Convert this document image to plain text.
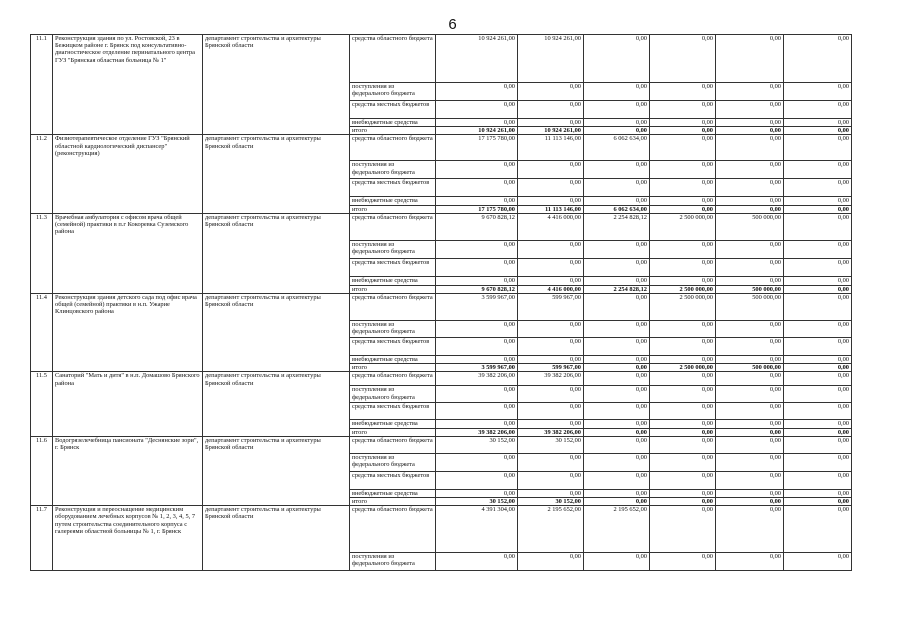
6
11.1	Реконструкция здания по ул. Ростовской, 23 в Бежицком районе г. Брянск под консультативно-диагностическое отделение перинатального центра ГУЗ "Брянская областная больница № 1"	департамент строительства и архитектуры Брянской области	средства областного бюджета	10 924 261,00	10 924 261,00	0,00	0,00	0,00	0,00
			поступления из федерального бюджета	0,00	0,00	0,00	0,00	0,00	0,00
			средства местных бюджетов	0,00	0,00	0,00	0,00	0,00	0,00
			внебюджетные средства	0,00	0,00	0,00	0,00	0,00	0,00
			итого	10 924 261,00	10 924 261,00	0,00	0,00	0,00	0,00
11.2	Физиотерапевтическое отделение ГУЗ "Брянский областной кардиологический диспансер" (реконструкция)	департамент строительства и архитектуры Брянской области	средства областного бюджета	17 175 780,00	11 113 146,00	6 062 634,00	0,00	0,00	0,00
			поступления из федерального бюджета	0,00	0,00	0,00	0,00	0,00	0,00
			средства местных бюджетов	0,00	0,00	0,00	0,00	0,00	0,00
			внебюджетные средства	0,00	0,00	0,00	0,00	0,00	0,00
			итого	17 175 780,00	11 113 146,00	6 062 634,00	0,00	0,00	0,00
11.3	Врачебная амбулатория с офисом врача общей (семейной) практики в п.г Кокоревка Суземского района	департамент строительства и архитектуры Брянской области	средства областного бюджета	9 670 828,12	4 416 000,00	2 254 828,12	2 500 000,00	500 000,00	0,00
			поступления из федерального бюджета	0,00	0,00	0,00	0,00	0,00	0,00
			средства местных бюджетов	0,00	0,00	0,00	0,00	0,00	0,00
			внебюджетные средства	0,00	0,00	0,00	0,00	0,00	0,00
			итого	9 670 828,12	4 416 000,00	2 254 828,12	2 500 000,00	500 000,00	0,00
11.4	Реконструкция здания детского сада под офис врача общей (семейной) практики в н.п. Ужарие Клинцовского района	департамент строительства и архитектуры Брянской области	средства областного бюджета	3 599 967,00	599 967,00	0,00	2 500 000,00	500 000,00	0,00
			поступления из федерального бюджета	0,00	0,00	0,00	0,00	0,00	0,00
			средства местных бюджетов	0,00	0,00	0,00	0,00	0,00	0,00
			внебюджетные средства	0,00	0,00	0,00	0,00	0,00	0,00
			итого	3 599 967,00	599 967,00	0,00	2 500 000,00	500 000,00	0,00
11.5	Санаторий "Мать и дитя" в н.п. Домашово Брянского района	департамент строительства и архитектуры Брянской области	средства областного бюджета	39 382 206,00	39 382 206,00	0,00	0,00	0,00	0,00
			поступления из федерального бюджета	0,00	0,00	0,00	0,00	0,00	0,00
			средства местных бюджетов	0,00	0,00	0,00	0,00	0,00	0,00
			внебюджетные средства	0,00	0,00	0,00	0,00	0,00	0,00
			итого	39 382 206,00	39 382 206,00	0,00	0,00	0,00	0,00
11.6	Водогрязелечебница пансионата "Деснянские зори", г. Брянск	департамент строительства и архитектуры Брянской области	средства областного бюджета	30 152,00	30 152,00	0,00	0,00	0,00	0,00
			поступления из федерального бюджета	0,00	0,00	0,00	0,00	0,00	0,00
			средства местных бюджетов	0,00	0,00	0,00	0,00	0,00	0,00
			внебюджетные средства	0,00	0,00	0,00	0,00	0,00	0,00
			итого	30 152,00	30 152,00	0,00	0,00	0,00	0,00
11.7	Реконструкция и переоснащение медицинским оборудованием лечебных корпусов № 1, 2, 3, 4, 5, 7 путем строительства соединительного корпуса с галереями областной больницы № 1, г. Брянск	департамент строительства и архитектуры Брянской области	средства областного бюджета	4 391 304,00	2 195 652,00	2 195 652,00	0,00	0,00	0,00
			поступления из федерального бюджета	0,00	0,00	0,00	0,00	0,00	0,00
